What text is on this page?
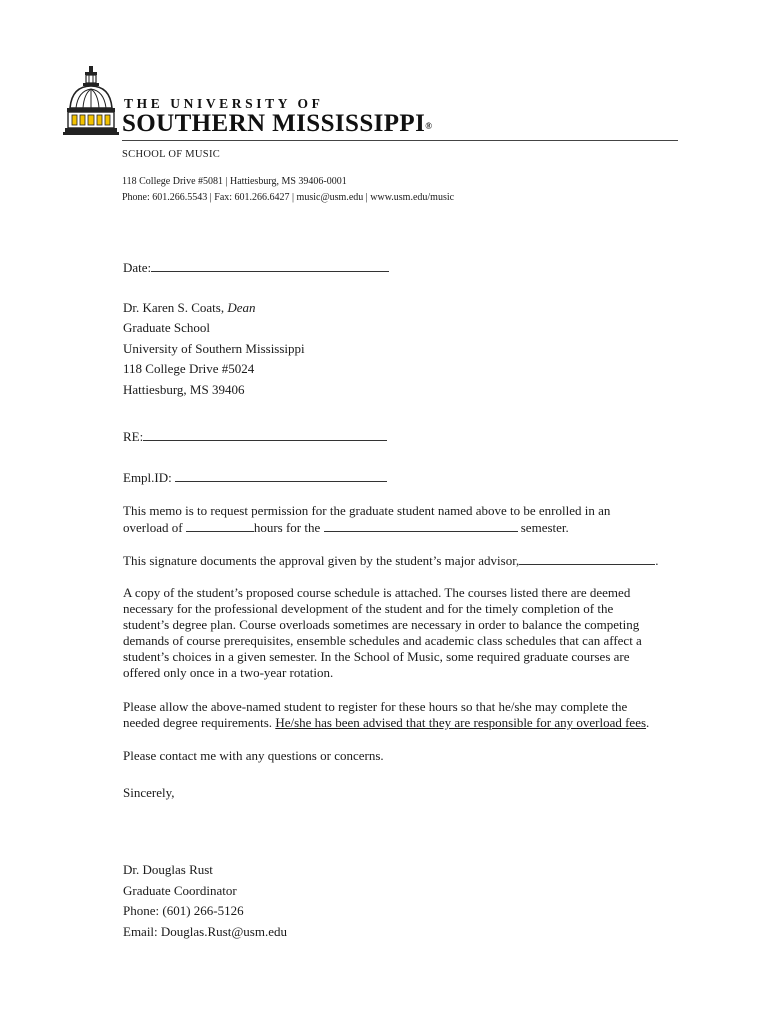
THE UNIVERSITY OF
SOUTHERN MISSISSIPPI®
SCHOOL OF MUSIC
118 College Drive #5081 | Hattiesburg, MS 39406-0001
Phone: 601.266.5543 | Fax: 601.266.6427 | music@usm.edu | www.usm.edu/music
Date:
Dr. Karen S. Coats, Dean
Graduate School
University of Southern Mississippi
118 College Drive #5024
Hattiesburg, MS 39406
RE:
Empl.ID:
This memo is to request permission for the graduate student named above to be enrolled in an
overload of	hours for the	semester.
This signature documents the approval given by the student’s major advisor,	.
A copy of the student’s proposed course schedule is attached. The courses listed there are deemed
necessary for the professional development of the student and for the timely completion of the
student’s degree plan. Course overloads sometimes are necessary in order to balance the competing
demands of course prerequisites, ensemble schedules and academic class schedules that can affect a
student’s choices in a given semester. In the School of Music, some required graduate courses are
offered only once in a two-year rotation.
Please allow the above-named student to register for these hours so that he/she may complete the
needed degree requirements. He/she has been advised that they are responsible for any overload fees.
Please contact me with any questions or concerns.
Sincerely,
Dr. Douglas Rust
Graduate Coordinator
Phone: (601) 266-5126
Email: Douglas.Rust@usm.edu
